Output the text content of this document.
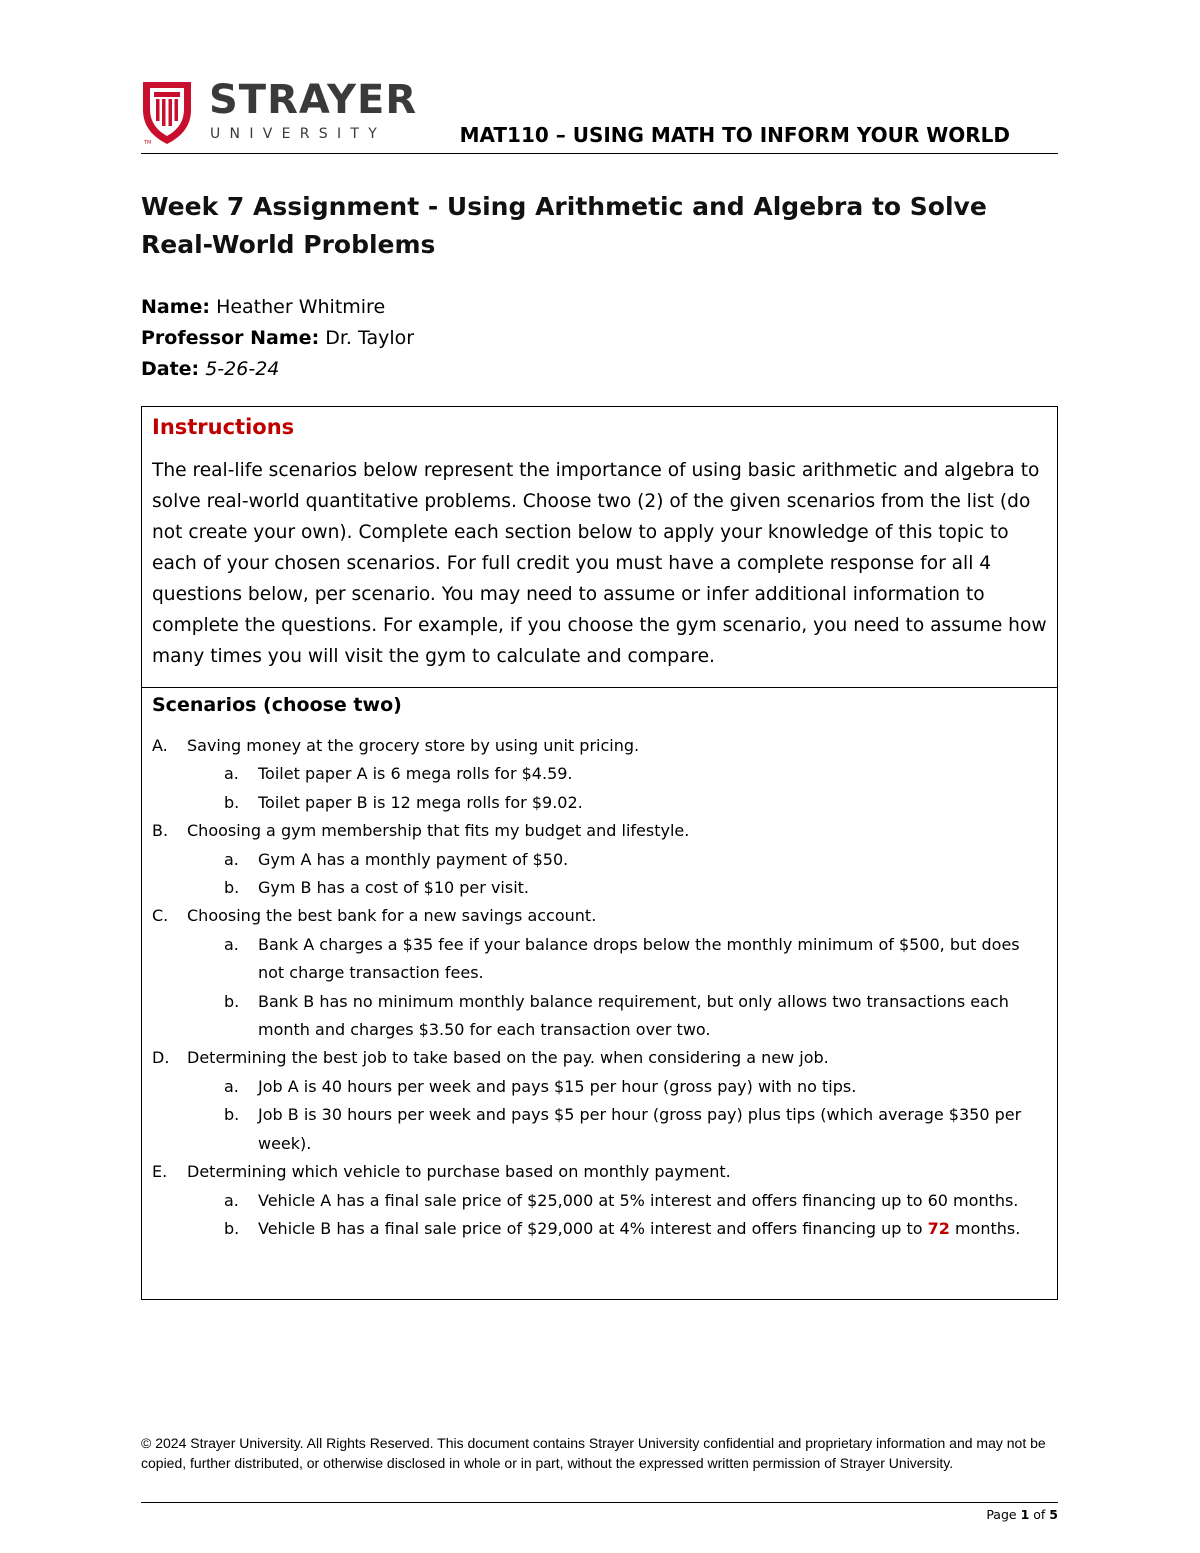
TM
STRAYER
UNIVERSITY	MAT110 – USING MATH TO INFORM YOUR WORLD
Week 7 Assignment - Using Arithmetic and Algebra to Solve Real-World Problems
Name: Heather Whitmire
Professor Name: Dr. Taylor
Date: 5-26-24
Instructions

The real-life scenarios below represent the importance of using basic arithmetic and algebra to solve real-world quantitative problems. Choose two (2) of the given scenarios from the list (do not create your own). Complete each section below to apply your knowledge of this topic to each of your chosen scenarios. For full credit you must have a complete response for all 4 questions below, per scenario. You may need to assume or infer additional information to complete the questions. For example, if you choose the gym scenario, you need to assume how many times you will visit the gym to calculate and compare.

Scenarios (choose two)
A. Saving money at the grocery store by using unit pricing.
a. Toilet paper A is 6 mega rolls for $4.59.
b. Toilet paper B is 12 mega rolls for $9.02.
B. Choosing a gym membership that fits my budget and lifestyle.
a. Gym A has a monthly payment of $50.
b. Gym B has a cost of $10 per visit.
C. Choosing the best bank for a new savings account.
a. Bank A charges a $35 fee if your balance drops below the monthly minimum of $500, but does not charge transaction fees.
b. Bank B has no minimum monthly balance requirement, but only allows two transactions each month and charges $3.50 for each transaction over two.
D. Determining the best job to take based on the pay. when considering a new job.
a. Job A is 40 hours per week and pays $15 per hour (gross pay) with no tips.
b. Job B is 30 hours per week and pays $5 per hour (gross pay) plus tips (which average $350 per week).
E. Determining which vehicle to purchase based on monthly payment.
a. Vehicle A has a final sale price of $25,000 at 5% interest and offers financing up to 60 months.
b. Vehicle B has a final sale price of $29,000 at 4% interest and offers financing up to 72 months.

© 2024 Strayer University. All Rights Reserved. This document contains Strayer University confidential and proprietary information and may not be copied, further distributed, or otherwise disclosed in whole or in part, without the expressed written permission of Strayer University.

Page 1 of 5
